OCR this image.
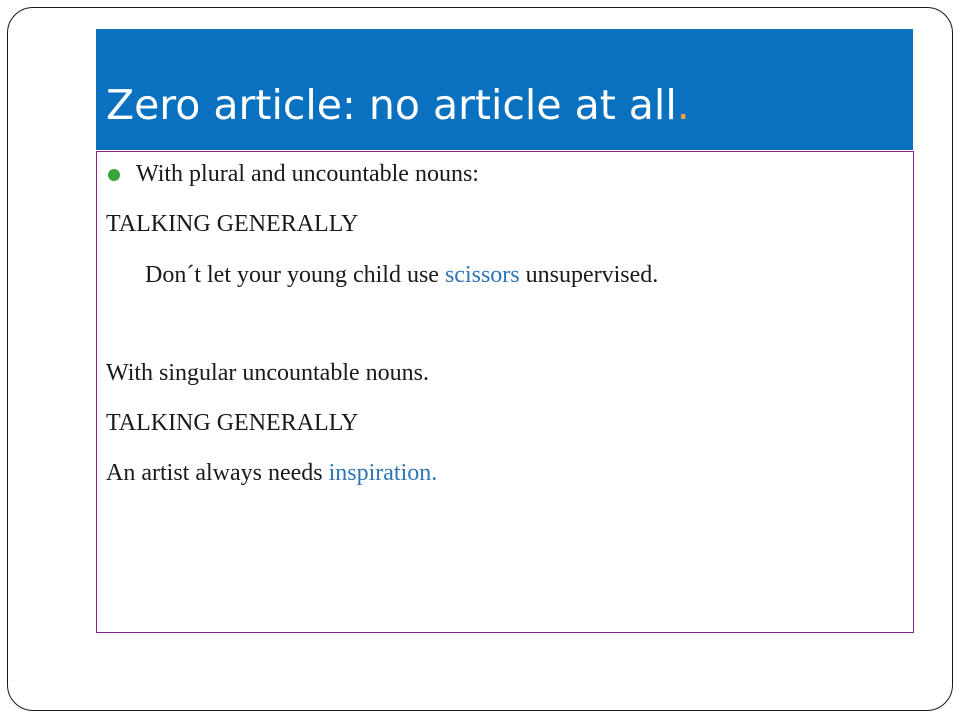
Zero article: no article at all.
With plural and uncountable nouns:
TALKING GENERALLY
Don´t let your young child use scissors unsupervised.
With singular uncountable nouns.
TALKING GENERALLY
An artist always needs inspiration.
